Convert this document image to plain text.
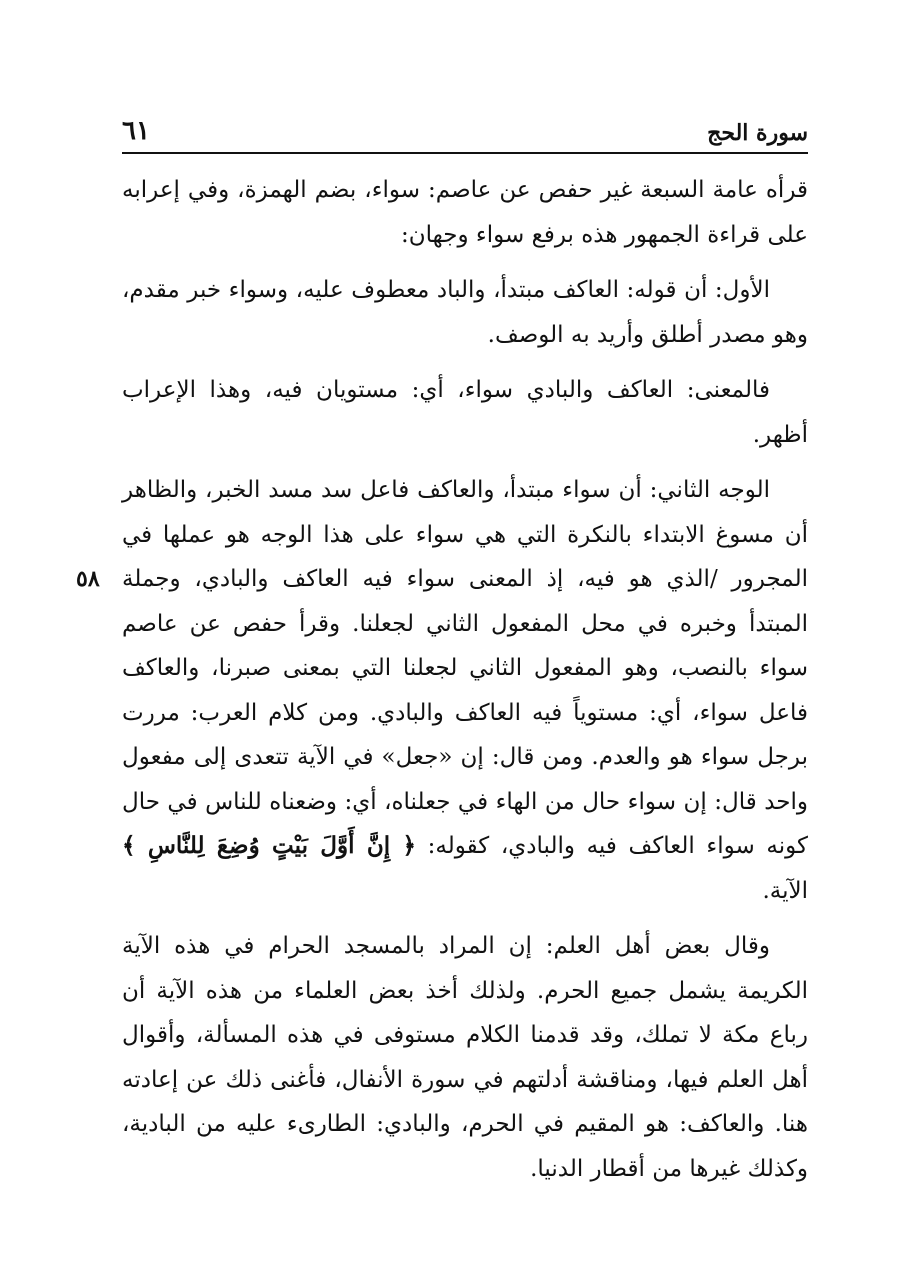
٦١	سورة الحج
٥٨

قرأه عامة السبعة غير حفص عن عاصم: سواء، بضم الهمزة، وفي إعرابه على قراءة الجمهور هذه برفع سواء وجهان:

الأول: أن قوله: العاكف مبتدأ، والباد معطوف عليه، وسواء خبر مقدم، وهو مصدر أطلق وأريد به الوصف.

فالمعنى: العاكف والبادي سواء، أي: مستويان فيه، وهذا الإعراب أظهر.

الوجه الثاني: أن سواء مبتدأ، والعاكف فاعل سد مسد الخبر، والظاهر أن مسوغ الابتداء بالنكرة التي هي سواء على هذا الوجه هو عملها في المجرور /الذي هو فيه، إذ المعنى سواء فيه العاكف والبادي، وجملة المبتدأ وخبره في محل المفعول الثاني لجعلنا. وقرأ حفص عن عاصم سواء بالنصب، وهو المفعول الثاني لجعلنا التي بمعنى صبرنا، والعاكف فاعل سواء، أي: مستوياً فيه العاكف والبادي. ومن كلام العرب: مررت برجل سواء هو والعدم. ومن قال: إن «جعل» في الآية تتعدى إلى مفعول واحد قال: إن سواء حال من الهاء في جعلناه، أي: وضعناه للناس في حال كونه سواء العاكف فيه والبادي، كقوله: ﴿ إِنَّ أَوَّلَ بَيْتٍ وُضِعَ لِلنَّاسِ ﴾ الآية.

وقال بعض أهل العلم: إن المراد بالمسجد الحرام في هذه الآية الكريمة يشمل جميع الحرم. ولذلك أخذ بعض العلماء من هذه الآية أن رباع مكة لا تملك، وقد قدمنا الكلام مستوفى في هذه المسألة، وأقوال أهل العلم فيها، ومناقشة أدلتهم في سورة الأنفال، فأغنى ذلك عن إعادته هنا. والعاكف: هو المقيم في الحرم، والبادي: الطارىء عليه من البادية، وكذلك غيرها من أقطار الدنيا.
